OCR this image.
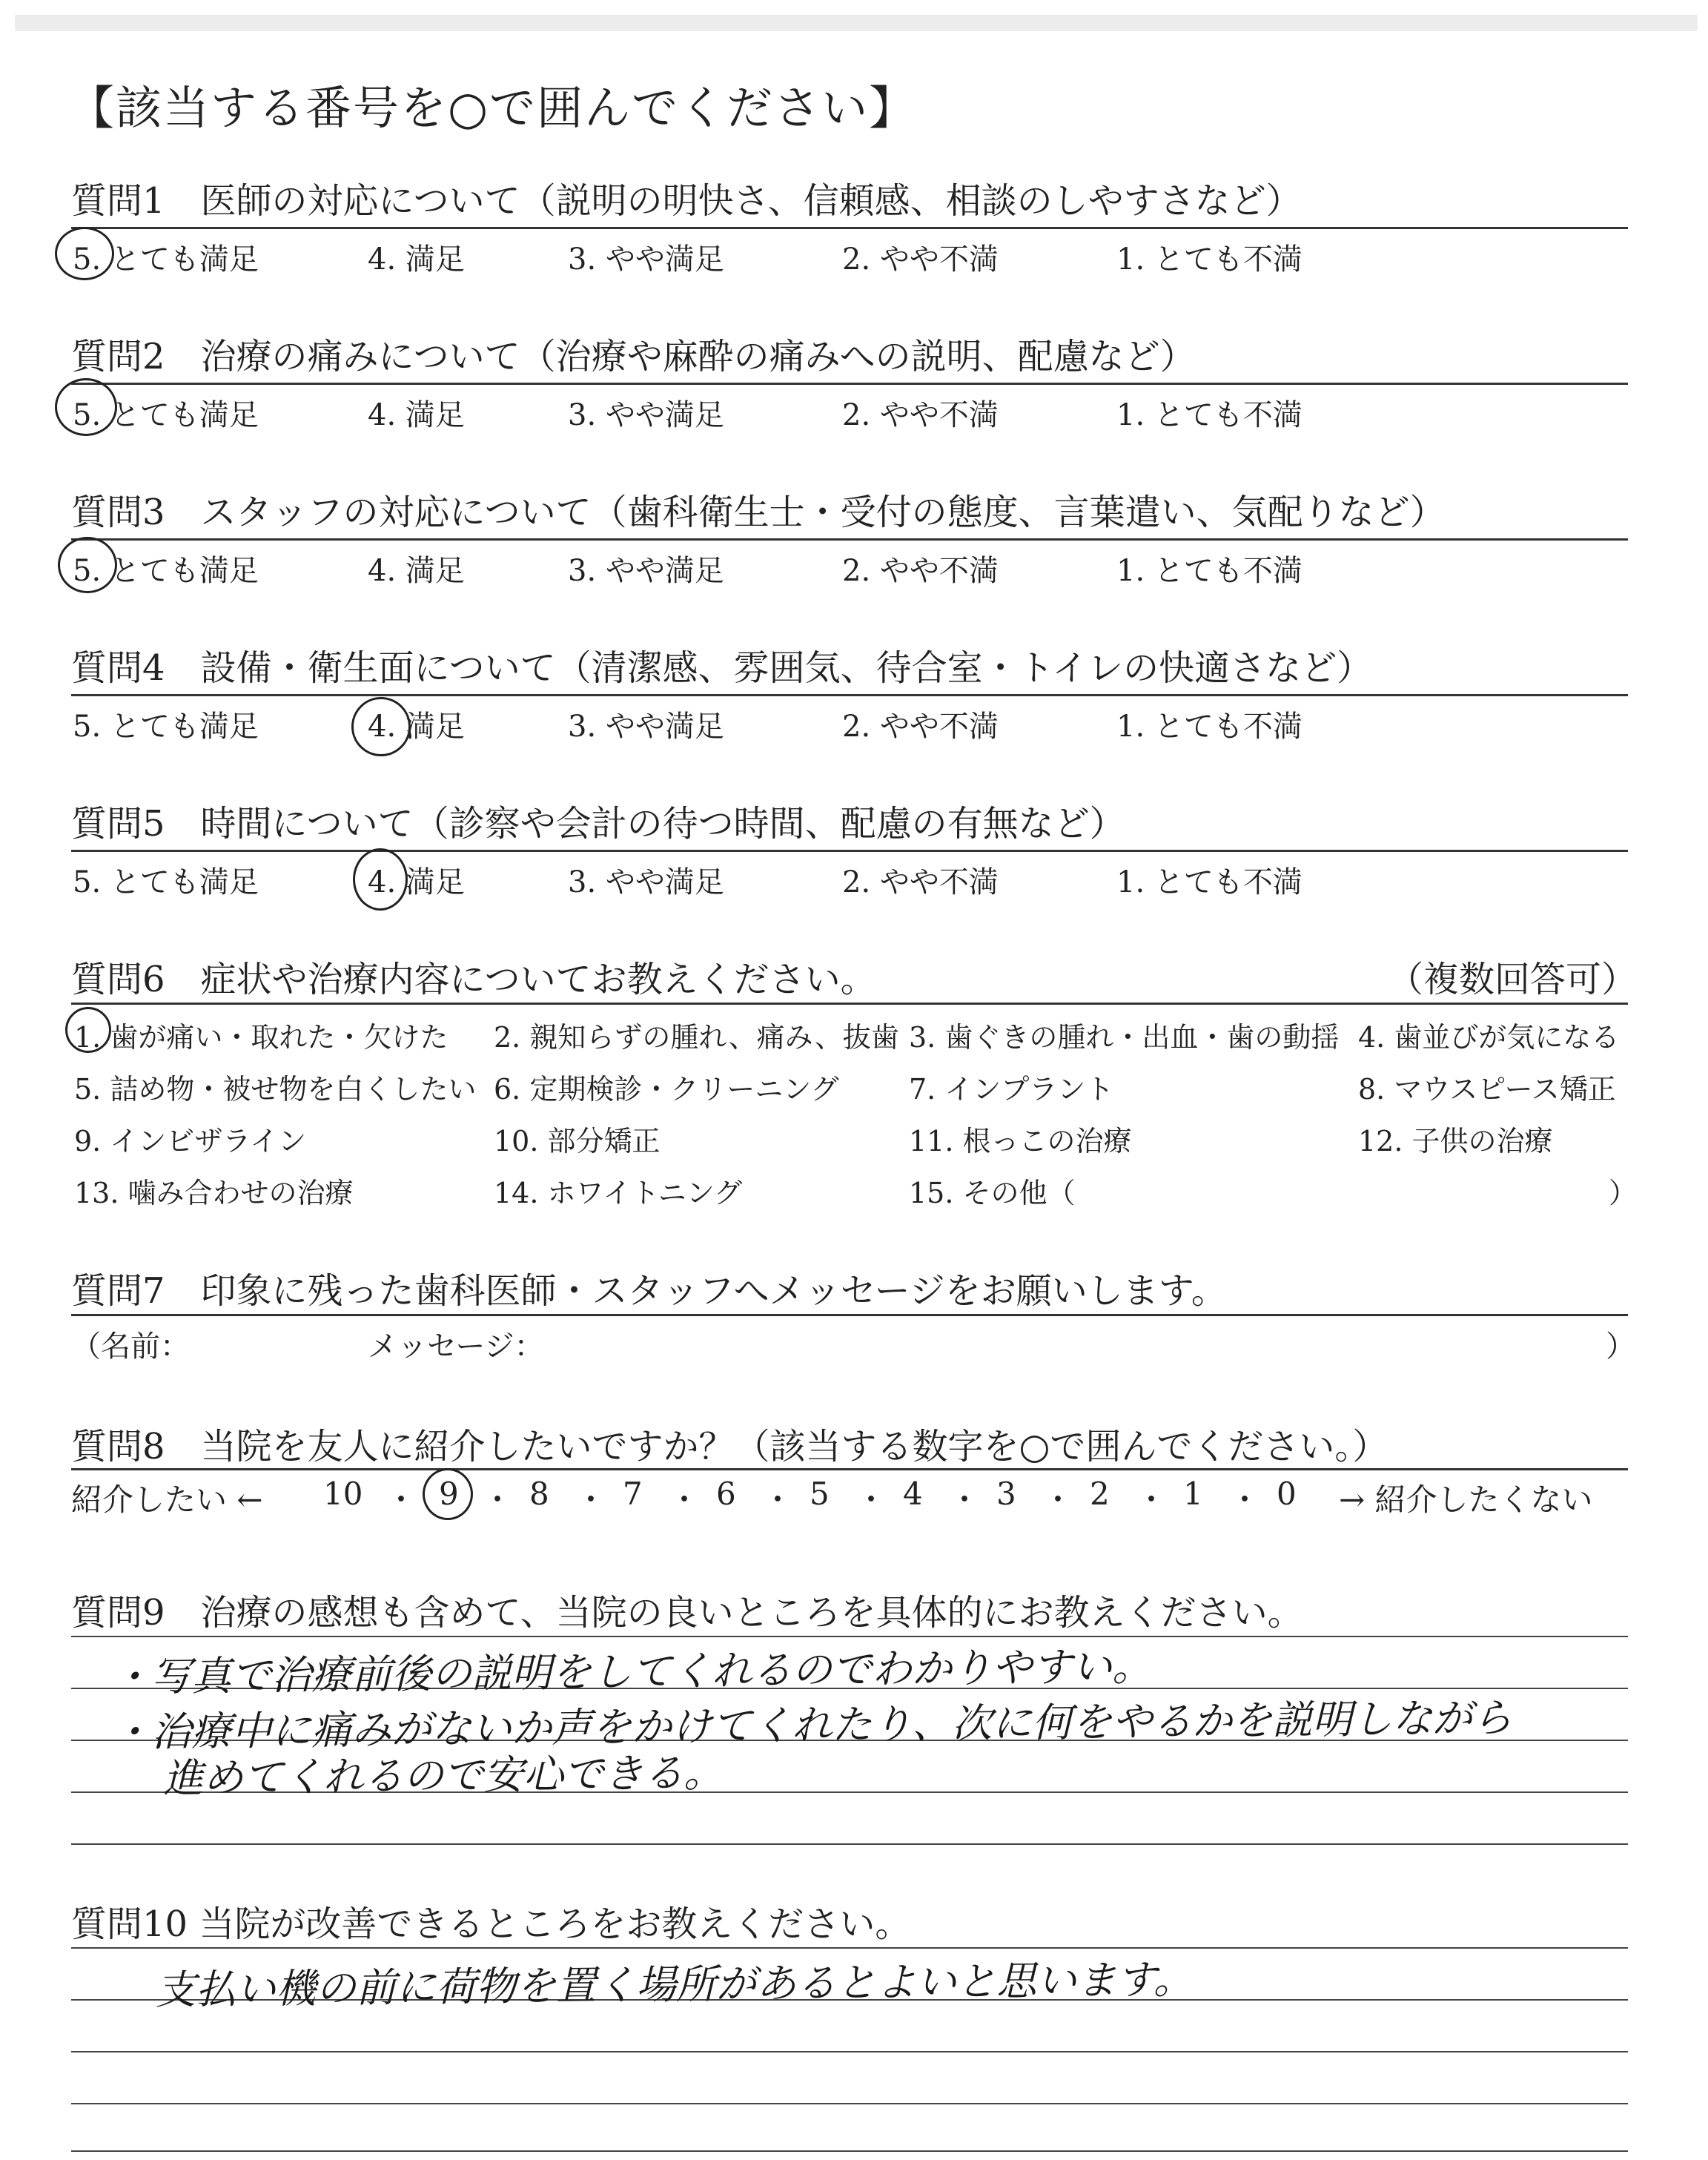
【該当する番号を○で囲んでください】
質問1　医師の対応について（説明の明快さ、信頼感、相談のしやすさなど）
5. とても満足	4. 満足	3. やや満足	2. やや不満	1. とても不満
質問2　治療の痛みについて（治療や麻酔の痛みへの説明、配慮など）
5. とても満足	4. 満足	3. やや満足	2. やや不満	1. とても不満
質問3　スタッフの対応について（歯科衛生士・受付の態度、言葉遣い、気配りなど）
5. とても満足	4. 満足	3. やや満足	2. やや不満	1. とても不満
質問4　設備・衛生面について（清潔感、雰囲気、待合室・トイレの快適さなど）
5. とても満足	4. 満足	3. やや満足	2. やや不満	1. とても不満
質問5　時間について（診察や会計の待つ時間、配慮の有無など）
5. とても満足	4. 満足	3. やや満足	2. やや不満	1. とても不満
質問6　症状や治療内容についてお教えください。	（複数回答可）
1. 歯が痛い・取れた・欠けた 2. 親知らずの腫れ、痛み、抜歯 3. 歯ぐきの腫れ・出血・歯の動揺 4. 歯並びが気になる
5. 詰め物・被せ物を白くしたい 6. 定期検診・クリーニング 7. インプラント	8. マウスピース矯正
9. インビザライン	10. 部分矯正	11. 根っこの治療	12. 子供の治療
13. 噛み合わせの治療	14. ホワイトニング	15. その他（	）
質問7　印象に残った歯科医師・スタッフへメッセージをお願いします。
（名前：	メッセージ：	）
質問8　当院を友人に紹介したいですか？（該当する数字を○で囲んでください。）
紹介したい ← 10 ・ 9 ・ 8 ・ 7 ・ 6 ・ 5 ・ 4 ・ 3 ・ 2 ・ 1 ・ 0 → 紹介したくない
質問9　治療の感想も含めて、当院の良いところを具体的にお教えください。
・写真で治療前後の説明をしてくれるのでわかりやすい。
・治療中に痛みがないか声をかけてくれたり、次に何をやるかを説明しながら
進めてくれるので安心できる。
質問10 当院が改善できるところをお教えください。
支払い機の前に荷物を置く場所があるとよいと思います。
